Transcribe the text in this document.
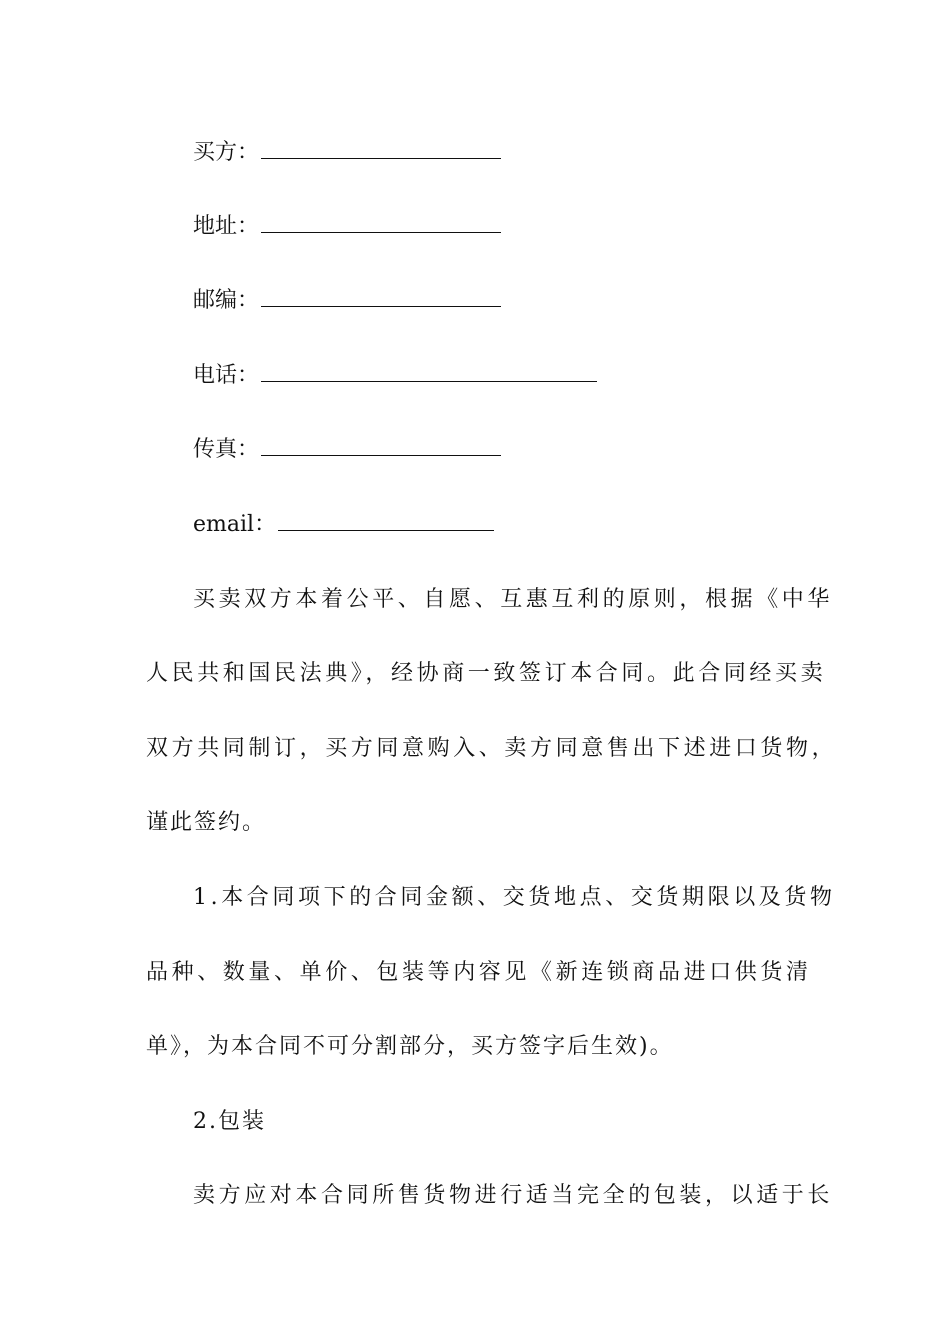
买方：
地址：
邮编：
电话：
传真：
email：
买卖双方本着公平、自愿、互惠互利的原则，根据《中华
人民共和国民法典》，经协商一致签订本合同。此合同经买卖
双方共同制订，买方同意购入、卖方同意售出下述进口货物，
谨此签约。
1.本合同项下的合同金额、交货地点、交货期限以及货物
品种、数量、单价、包装等内容见《新连锁商品进口供货清
单》，为本合同不可分割部分，买方签字后生效)。
2.包装
卖方应对本合同所售货物进行适当完全的包装，以适于长
